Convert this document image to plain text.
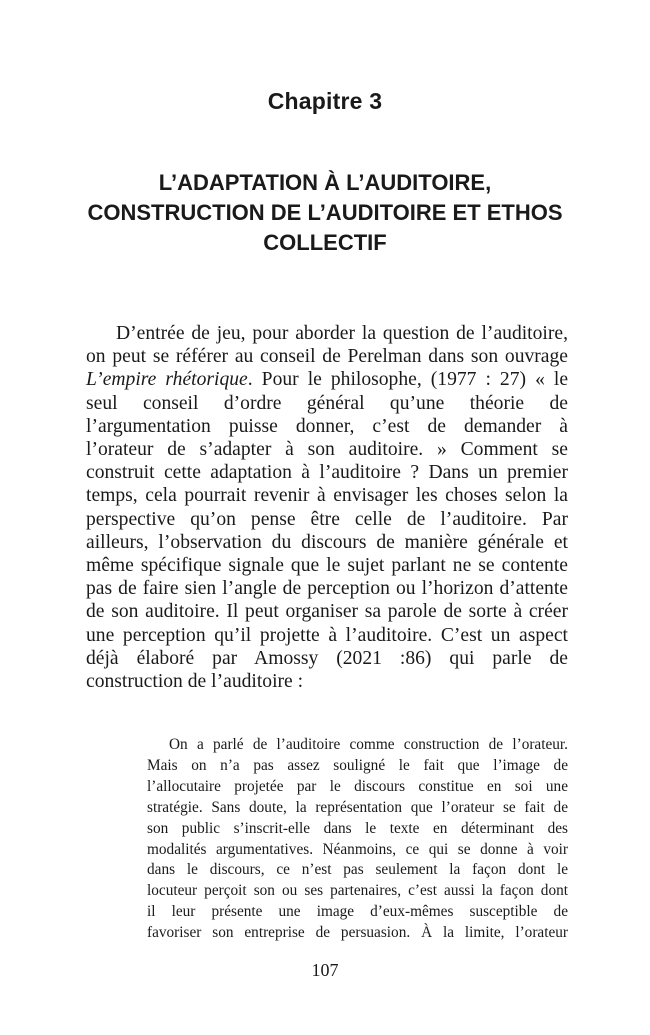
Chapitre 3
L’ADAPTATION À L’AUDITOIRE,
CONSTRUCTION DE L’AUDITOIRE ET ETHOS
COLLECTIF
D’entrée de jeu, pour aborder la question de l’auditoire,
on peut se référer au conseil de Perelman dans son ouvrage
L’empire rhétorique. Pour le philosophe, (1977 : 27) « le
seul conseil d’ordre général qu’une théorie de
l’argumentation puisse donner, c’est de demander à
l’orateur de s’adapter à son auditoire. » Comment se
construit cette adaptation à l’auditoire ? Dans un premier
temps, cela pourrait revenir à envisager les choses selon la
perspective qu’on pense être celle de l’auditoire. Par
ailleurs, l’observation du discours de manière générale et
même spécifique signale que le sujet parlant ne se contente
pas de faire sien l’angle de perception ou l’horizon d’attente
de son auditoire. Il peut organiser sa parole de sorte à créer
une perception qu’il projette à l’auditoire. C’est un aspect
déjà élaboré par Amossy (2021 :86) qui parle de
construction de l’auditoire :
On a parlé de l’auditoire comme construction de l’orateur.
Mais on n’a pas assez souligné le fait que l’image de
l’allocutaire projetée par le discours constitue en soi une
stratégie. Sans doute, la représentation que l’orateur se fait de
son public s’inscrit-elle dans le texte en déterminant des
modalités argumentatives. Néanmoins, ce qui se donne à voir
dans le discours, ce n’est pas seulement la façon dont le
locuteur perçoit son ou ses partenaires, c’est aussi la façon dont
il leur présente une image d’eux-mêmes susceptible de
favoriser son entreprise de persuasion. À la limite, l’orateur
107
